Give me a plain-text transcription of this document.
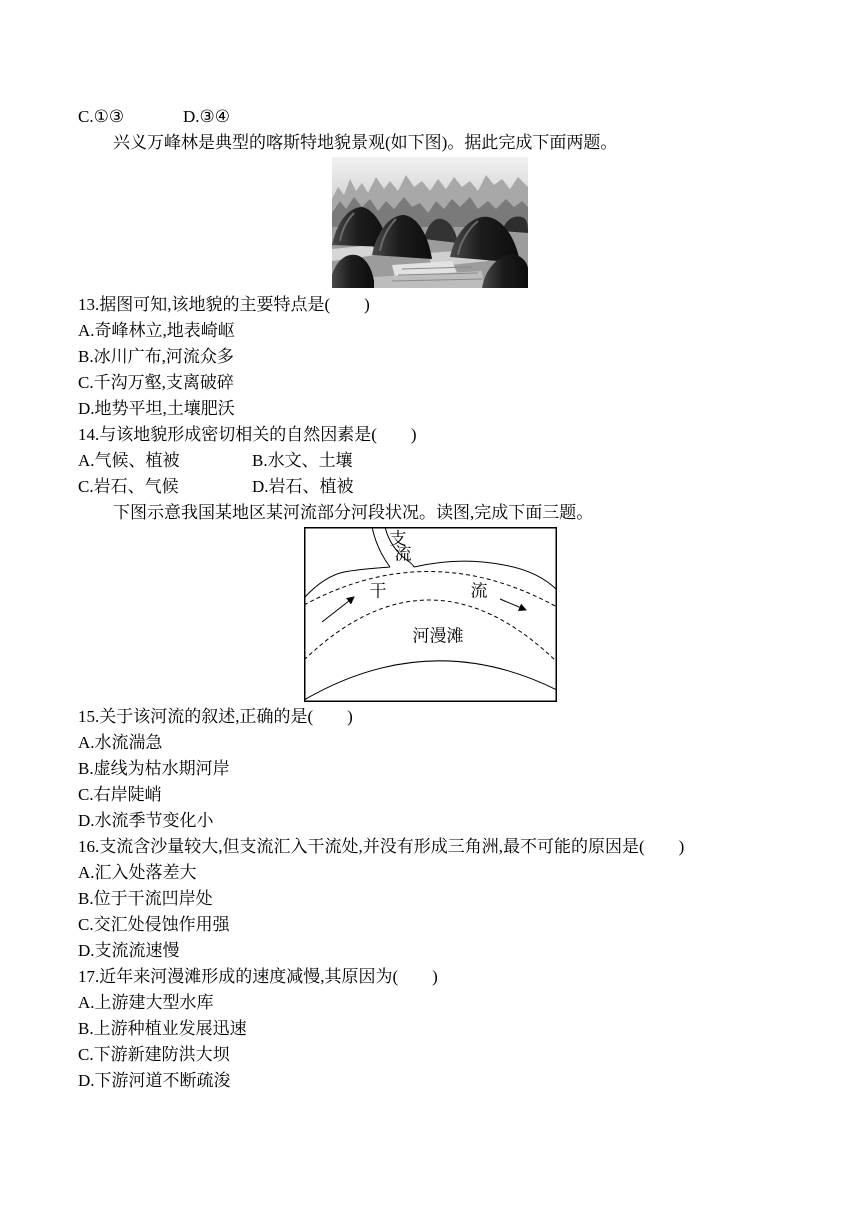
C.①③	D.③④
兴义万峰林是典型的喀斯特地貌景观(如下图)。据此完成下面两题。
13.据图可知,该地貌的主要特点是(        )
A.奇峰林立,地表崎岖
B.冰川广布,河流众多
C.千沟万壑,支离破碎
D.地势平坦,土壤肥沃
14.与该地貌形成密切相关的自然因素是(        )
A.气候、植被	B.水文、土壤
C.岩石、气候	D.岩石、植被
下图示意我国某地区某河流部分河段状况。读图,完成下面三题。
支
流
干	流
河漫滩
15.关于该河流的叙述,正确的是(        )
A.水流湍急
B.虚线为枯水期河岸
C.右岸陡峭
D.水流季节变化小
16.支流含沙量较大,但支流汇入干流处,并没有形成三角洲,最不可能的原因是(        )
A.汇入处落差大
B.位于干流凹岸处
C.交汇处侵蚀作用强
D.支流流速慢
17.近年来河漫滩形成的速度减慢,其原因为(        )
A.上游建大型水库
B.上游种植业发展迅速
C.下游新建防洪大坝
D.下游河道不断疏浚
